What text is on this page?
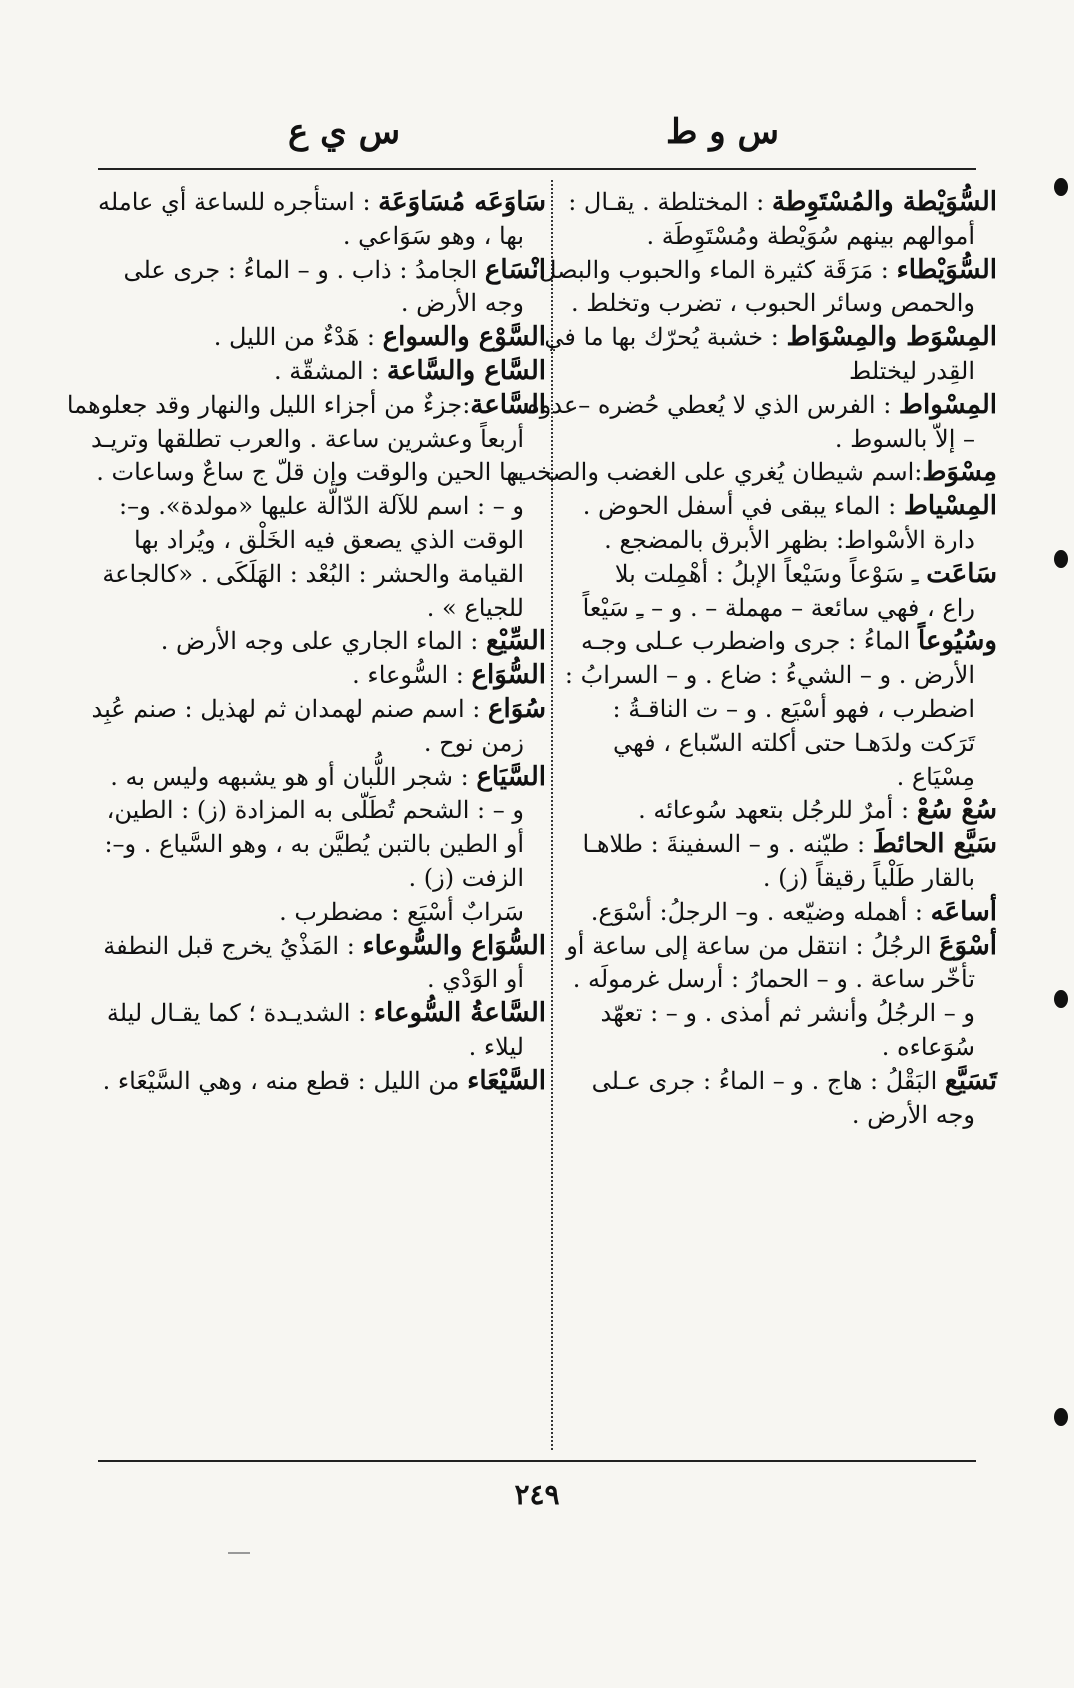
س و ط
س ي ع
السُّوَيْطة والمُسْتَوِطة : المختلطة . يقـال :
أموالهم بينهم سُوَيْطة ومُسْتَوِطَة .
السُّوَيْطاء : مَرَقَة كثيرة الماء والحبوب والبصل
والحمص وسائر الحبوب ، تضرب وتخلط .
المِسْوَط والمِسْوَاط : خشبة يُحرّك بها ما في
القِدر ليختلط
المِسْواط : الفرس الذي لا يُعطي حُضره –عدوه
– إلاّ بالسوط .
مِسْوَط:اسم شيطان يُغري على الغضب والصخب.
المِسْياط : الماء يبقى في أسفل الحوض .
دارة الأسْواط: بظهر الأبرق بالمضجع .
سَاعَت ـِ سَوْعاً وسَيْعاً الإبلُ : أهْمِلت بلا
راع ، فهي سائعة – مهملة – . و – ـِ سَيْعاً
وسُيُوعاً الماءُ : جرى واضطرب عـلى وجـه
الأرض . و – الشيءُ : ضاع . و – السرابُ :
اضطرب ، فهو أسْيَع . و – ت الناقـةُ :
تَرَكت ولدَهـا حتى أكلته السّباع ، فهي
مِسْيَاع .
سُعْ سُعْ : أمرٌ للرجُل بتعهد سُوعائه .
سَيَّع الحائطَ : طيّنه . و – السفينةَ : طلاهـا
بالقار طَلْياً رقيقاً (ز) .
أساعَه : أهمله وضيّعه . و– الرجلُ: أسْوَع.
أسْوَعَ الرجُلُ : انتقل من ساعة إلى ساعة أو
تأخّر ساعة . و – الحمارُ : أرسل غرمولَه .
و – الرجُلُ وأنشر ثم أمذى . و – : تعهّد
سُوَعاءه .
تَسَيَّع البَقْلُ : هاج . و – الماءُ : جرى عـلى
وجه الأرض .
سَاوَعَه مُسَاوَعَة : استأجره للساعة أي عامله
بها ، وهو سَوَاعي .
انْسَاع الجامدُ : ذاب . و – الماءُ : جرى على
وجه الأرض .
السَّوْع والسواع : هَدْءٌ من الليل .
السَّاع والسَّاعة : المشقّة .
السَّاعة:جزءٌ من أجزاء الليل والنهار وقد جعلوهما
أربعاً وعشرين ساعة . والعرب تطلقها وتريـد
بها الحين والوقت وإن قلّ ج ساعٌ وساعات .
و – : اسم للآلة الدّالّة عليها «مولدة». و–:
الوقت الذي يصعق فيه الخَلْق ، ويُراد بها
القيامة والحشر : البُعْد : الهَلَكَى . «كالجاعة
للجياع » .
السِّيْع : الماء الجاري على وجه الأرض .
السُّوَاع : السُّوعاء .
سُوَاع : اسم صنم لهمدان ثم لهذيل : صنم عُبِد
زمن نوح .
السَّيَاع : شجر اللُّبان أو هو يشبهه وليس به .
و – : الشحم تُطَلّى به المزادة (ز) : الطين،
أو الطين بالتبن يُطيَّن به ، وهو السَّياع . و–:
الزفت (ز) .
سَرابٌ أسْيَع : مضطرب .
السُّوَاع والسُّوعاء : المَذْيُ يخرج قبل النطفة
أو الوَدْي .
السَّاعةُ السُّوعاء : الشديـدة ؛ كما يقـال ليلة
ليلاء .
السَّيْعَاء من الليل : قطع منه ، وهي السَّيْعَاء .
٢٤٩
